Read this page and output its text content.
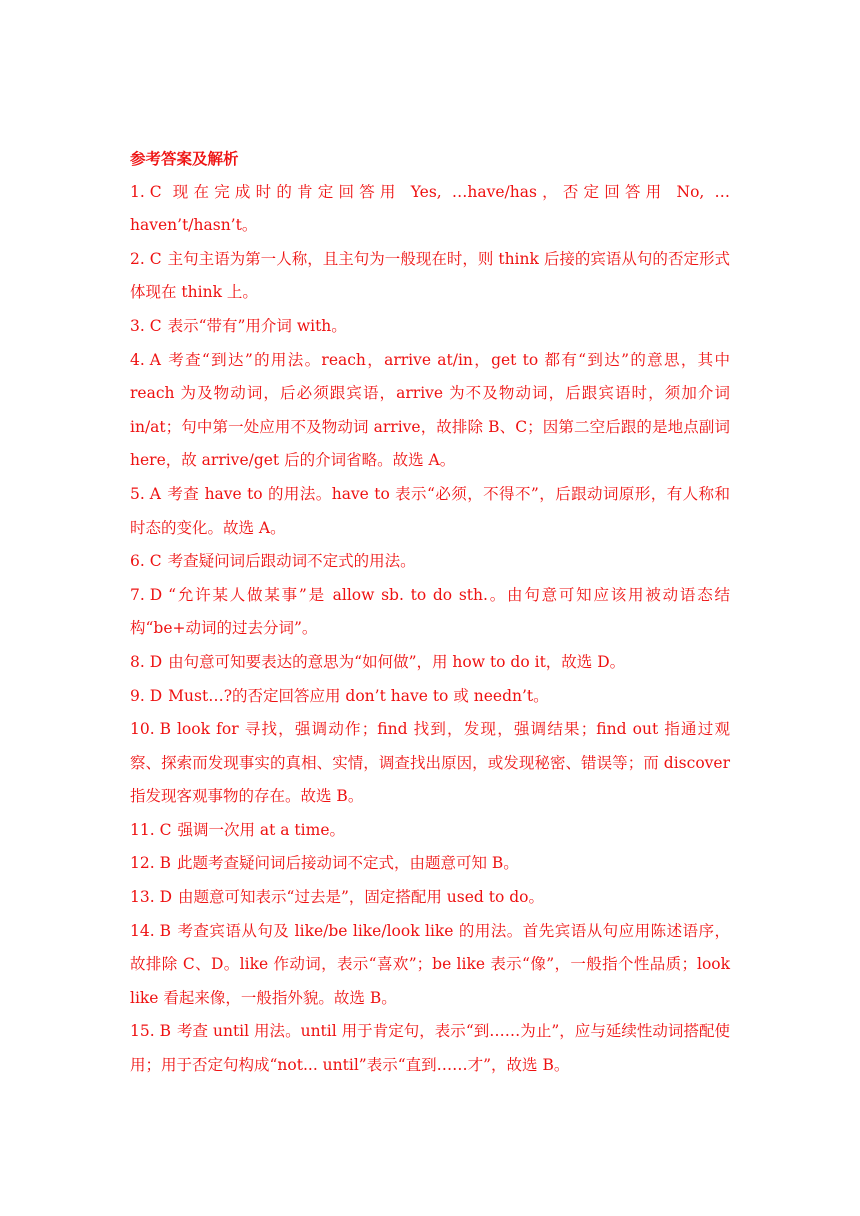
参考答案及解析

1. C 现在完成时的肯定回答用 Yes, …have/has，否定回答用 No, …haven’t/hasn’t。

2. C 主句主语为第一人称，且主句为一般现在时，则 think 后接的宾语从句的否定形式体现在 think 上。

3. C 表示“带有”用介词 with。

4. A 考查“到达”的用法。reach，arrive at/in，get to 都有“到达”的意思，其中 reach 为及物动词，后必须跟宾语，arrive 为不及物动词，后跟宾语时，须加介词 in/at；句中第一处应用不及物动词 arrive，故排除 B、C；因第二空后跟的是地点副词 here，故 arrive/get 后的介词省略。故选 A。

5. A 考查 have to 的用法。have to 表示“必须，不得不”，后跟动词原形，有人称和时态的变化。故选 A。

6. C 考查疑问词后跟动词不定式的用法。

7. D “允许某人做某事”是 allow sb. to do sth.。由句意可知应该用被动语态结构“be+动词的过去分词”。

8. D 由句意可知要表达的意思为“如何做”，用 how to do it，故选 D。

9. D Must…?的否定回答应用 don’t have to 或 needn’t。

10. B look for 寻找，强调动作；find 找到，发现，强调结果；find out 指通过观察、探索而发现事实的真相、实情，调查找出原因，或发现秘密、错误等；而 discover 指发现客观事物的存在。故选 B。

11. C 强调一次用 at a time。

12. B 此题考查疑问词后接动词不定式，由题意可知 B。

13. D 由题意可知表示“过去是”，固定搭配用 used to do。

14. B 考查宾语从句及 like/be like/look like 的用法。首先宾语从句应用陈述语序，故排除 C、D。like 作动词，表示“喜欢”；be like 表示“像”，一般指个性品质；look like 看起来像，一般指外貌。故选 B。

15. B 考查 until 用法。until 用于肯定句，表示“到……为止”，应与延续性动词搭配使用；用于否定句构成“not... until”表示“直到……才”，故选 B。
